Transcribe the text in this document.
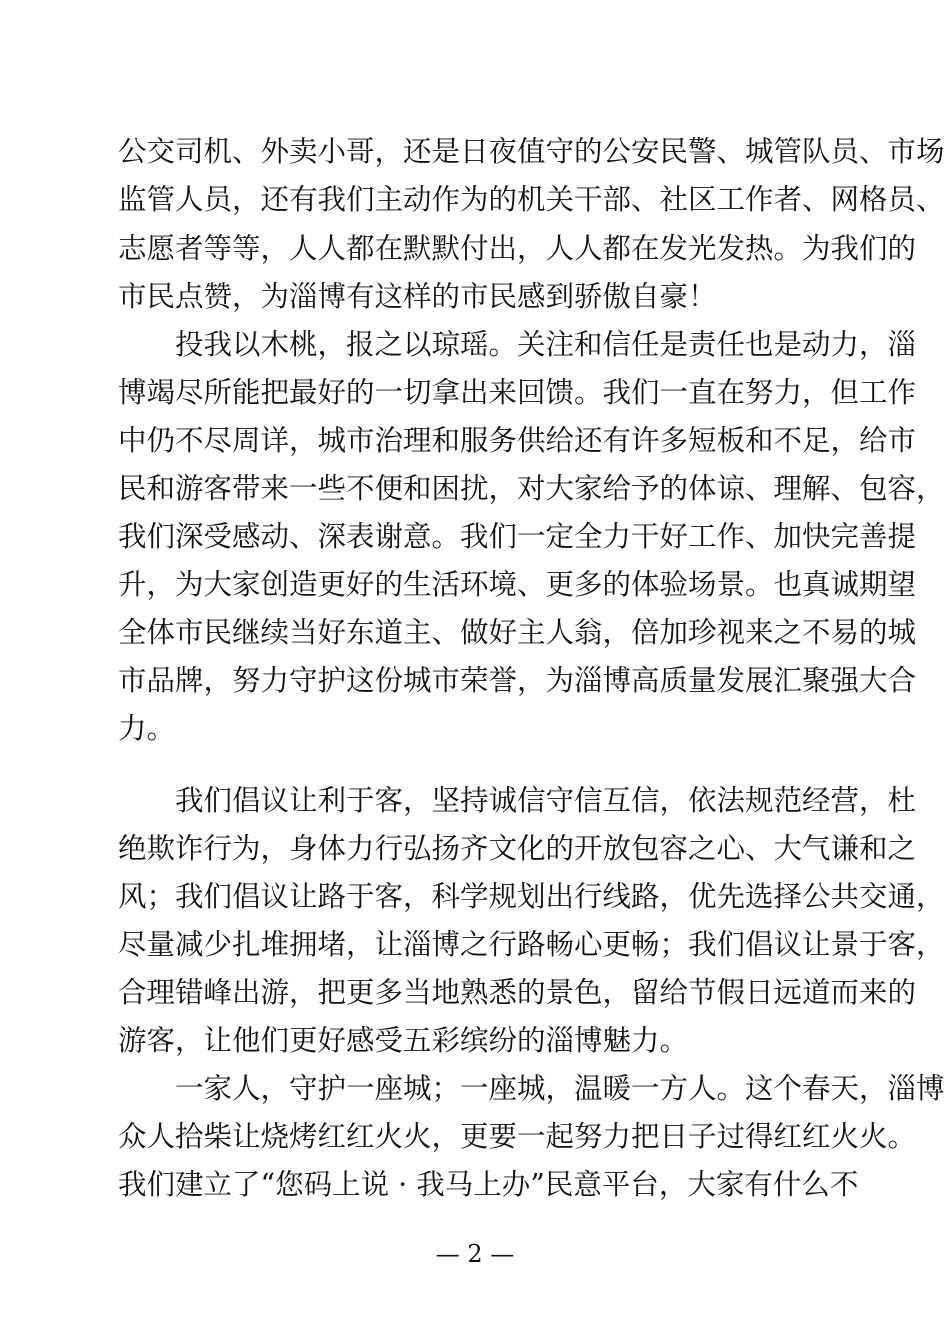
公交司机、外卖小哥，还是日夜值守的公安民警、城管队员、市场
监管人员，还有我们主动作为的机关干部、社区工作者、网格员、
志愿者等等，人人都在默默付出，人人都在发光发热。为我们的
市民点赞，为淄博有这样的市民感到骄傲自豪！
投我以木桃，报之以琼瑶。关注和信任是责任也是动力，淄
博竭尽所能把最好的一切拿出来回馈。我们一直在努力，但工作
中仍不尽周详，城市治理和服务供给还有许多短板和不足，给市
民和游客带来一些不便和困扰，对大家给予的体谅、理解、包容，
我们深受感动、深表谢意。我们一定全力干好工作、加快完善提
升，为大家创造更好的生活环境、更多的体验场景。也真诚期望
全体市民继续当好东道主、做好主人翁，倍加珍视来之不易的城
市品牌，努力守护这份城市荣誉，为淄博高质量发展汇聚强大合
力。
我们倡议让利于客，坚持诚信守信互信，依法规范经营，杜
绝欺诈行为，身体力行弘扬齐文化的开放包容之心、大气谦和之
风；我们倡议让路于客，科学规划出行线路，优先选择公共交通，
尽量减少扎堆拥堵，让淄博之行路畅心更畅；我们倡议让景于客，
合理错峰出游，把更多当地熟悉的景色，留给节假日远道而来的
游客，让他们更好感受五彩缤纷的淄博魅力。
一家人，守护一座城；一座城，温暖一方人。这个春天，淄博
众人拾柴让烧烤红红火火，更要一起努力把日子过得红红火火。
我们建立了“您码上说 · 我马上办”民意平台，大家有什么不
— 2 —
